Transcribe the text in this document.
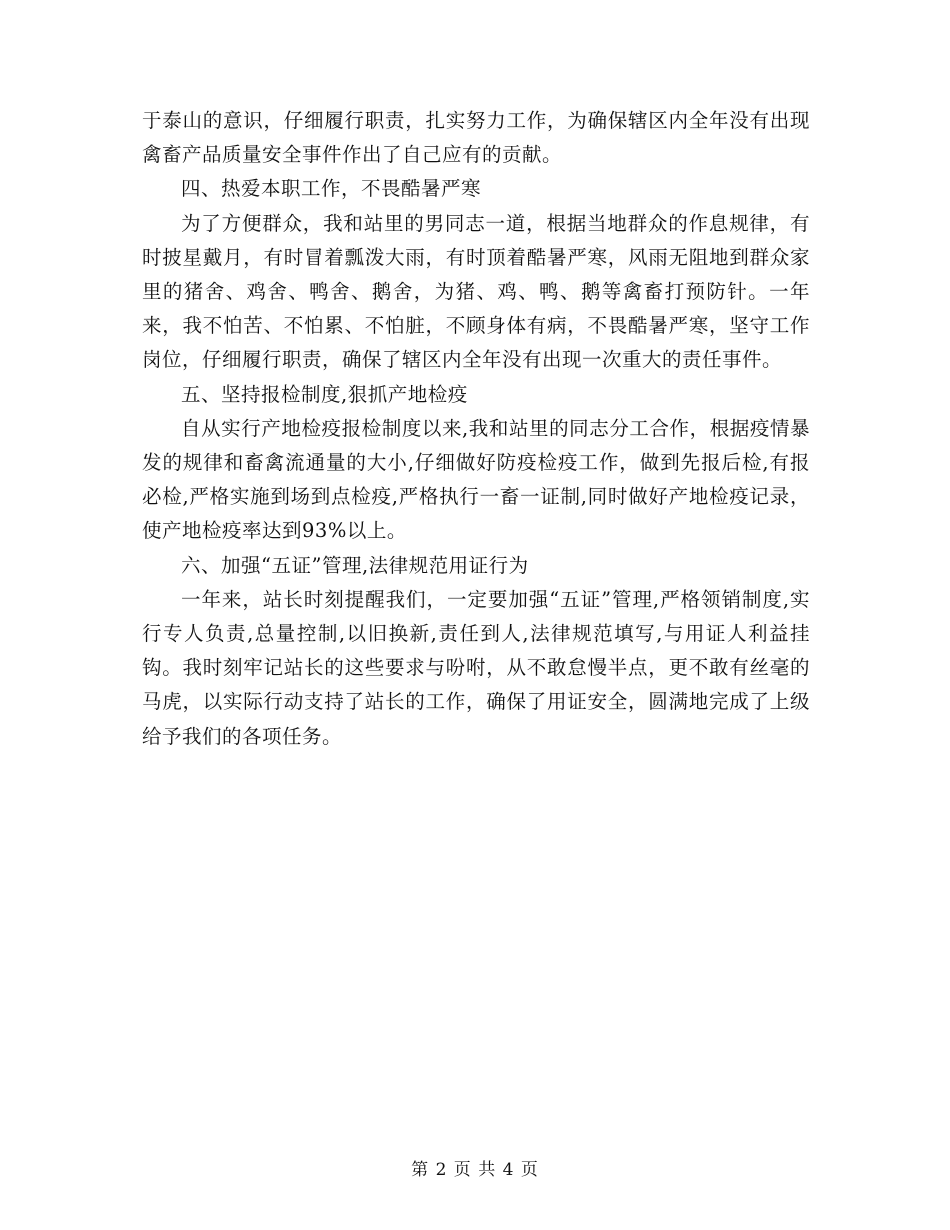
于泰山的意识，仔细履行职责，扎实努力工作，为确保辖区内全年没有出现禽畜产品质量安全事件作出了自己应有的贡献。

四、热爱本职工作，不畏酷暑严寒

为了方便群众，我和站里的男同志一道，根据当地群众的作息规律，有时披星戴月，有时冒着瓢泼大雨，有时顶着酷暑严寒，风雨无阻地到群众家里的猪舍、鸡舍、鸭舍、鹅舍，为猪、鸡、鸭、鹅等禽畜打预防针。一年来，我不怕苦、不怕累、不怕脏，不顾身体有病，不畏酷暑严寒，坚守工作岗位，仔细履行职责，确保了辖区内全年没有出现一次重大的责任事件。

五、坚持报检制度,狠抓产地检疫

自从实行产地检疫报检制度以来,我和站里的同志分工合作，根据疫情暴发的规律和畜禽流通量的大小,仔细做好防疫检疫工作，做到先报后检,有报必检,严格实施到场到点检疫,严格执行一畜一证制,同时做好产地检疫记录，使产地检疫率达到93%以上。

六、加强“五证”管理,法律规范用证行为

一年来，站长时刻提醒我们，一定要加强“五证”管理,严格领销制度,实行专人负责,总量控制,以旧换新,责任到人,法律规范填写,与用证人利益挂钩。我时刻牢记站长的这些要求与吩咐，从不敢怠慢半点，更不敢有丝毫的马虎，以实际行动支持了站长的工作，确保了用证安全，圆满地完成了上级给予我们的各项任务。

第 2 页 共 4 页
